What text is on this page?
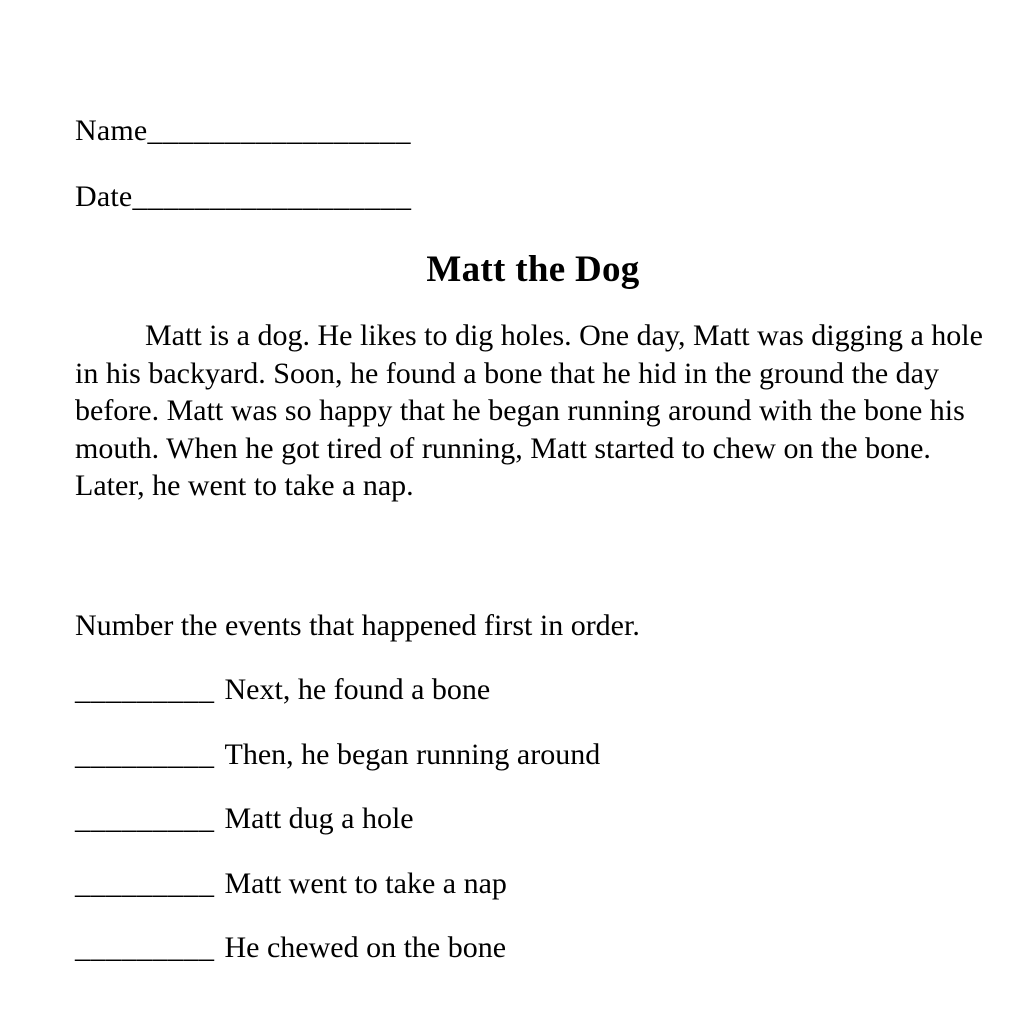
Name_________________
Date__________________
Matt the Dog

Matt is a dog. He likes to dig holes. One day, Matt was digging a hole in his backyard. Soon, he found a bone that he hid in the ground the day before. Matt was so happy that he began running around with the bone his mouth. When he got tired of running, Matt started to chew on the bone. Later, he went to take a nap.

Number the events that happened first in order.
_________ Next, he found a bone
_________ Then, he began running around
_________ Matt dug a hole
_________ Matt went to take a nap
_________ He chewed on the bone
